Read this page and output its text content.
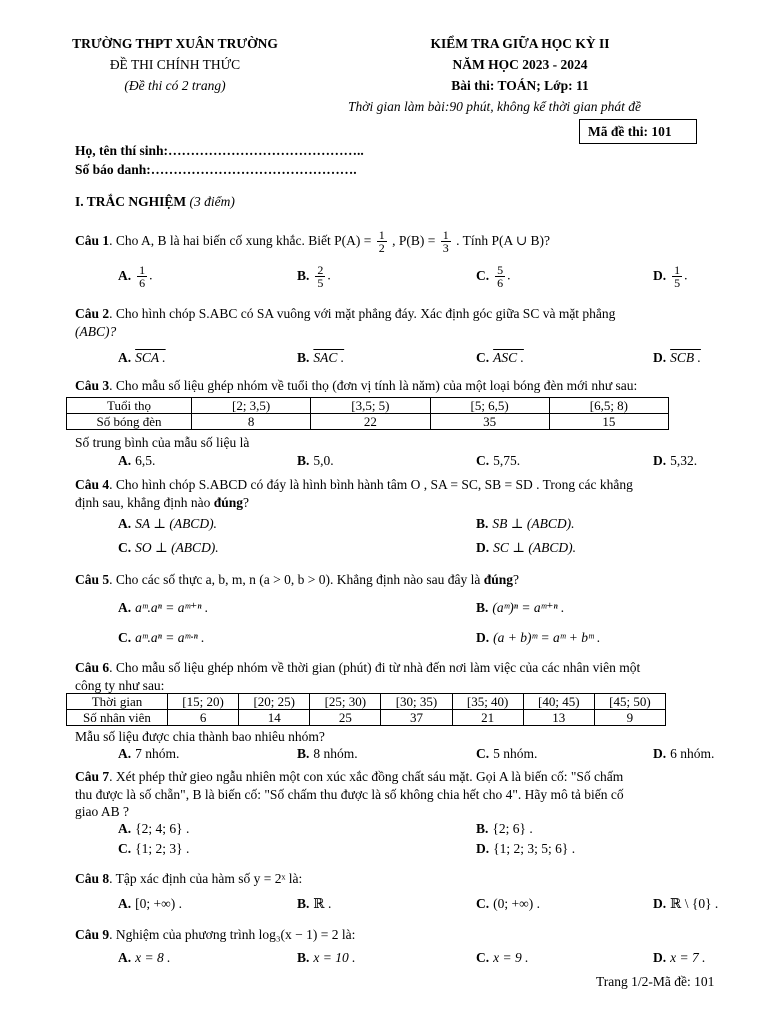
TRƯỜNG THPT XUÂN TRƯỜNG
ĐỀ THI CHÍNH THỨC
(Đề thi có 2 trang)
KIỂM TRA GIỮA HỌC KỲ II
NĂM HỌC 2023 - 2024
Bài thi: TOÁN; Lớp: 11
Thời gian làm bài:90 phút, không kể thời gian phát đề
Mã đề thi: 101
Họ, tên thí sinh:……………………………………..
Số báo danh:……………………………………….
I. TRẮC NGHIỆM (3 điểm)
Câu 1. Cho A, B là hai biến cố xung khắc. Biết $P(A) = \frac{1}{2}$ , $P(B) = \frac{1}{3}$ . Tính P(A ∪ B)?
A. $\frac{1}{6}$ .	B. $\frac{2}{5}$ .	C. $\frac{5}{6}$ .	D. $\frac{1}{5}$ .
Câu 2. Cho hình chóp S.ABC có SA vuông với mặt phẳng đáy. Xác định góc giữa SC và mặt phẳng
(ABC)?
A. SCA .	B. SAC .	C. ASC .	D. SCB .
Câu 3. Cho mẫu số liệu ghép nhóm về tuổi thọ (đơn vị tính là năm) của một loại bóng đèn mới như sau:
Tuổi thọ	[2; 3,5)	[3,5; 5)	[5; 6,5)	[6,5; 8)
Số bóng đèn	8	22	35	15
Số trung bình của mẫu số liệu là
A. 6,5.	B. 5,0.	C. 5,75.	D. 5,32.
Câu 4. Cho hình chóp S.ABCD có đáy là hình bình hành tâm O , SA = SC, SB = SD . Trong các khẳng
định sau, khẳng định nào đúng?
A. SA ⊥ (ABCD).	B. SB ⊥ (ABCD).
C. SO ⊥ (ABCD).	D. SC ⊥ (ABCD).
Câu 5. Cho các số thực a, b, m, n (a > 0, b > 0). Khẳng định nào sau đây là đúng?
A. aᵐ.aⁿ = aᵐ⁺ⁿ .	B. (aᵐ)ⁿ = aᵐ⁺ⁿ .
C. aᵐ.aⁿ = aᵐ·ⁿ .	D. (a + b)ᵐ = aᵐ + bᵐ .
Câu 6. Cho mẫu số liệu ghép nhóm về thời gian (phút) đi từ nhà đến nơi làm việc của các nhân viên một
công ty như sau:
Thời gian	[15; 20)	[20; 25)	[25; 30)	[30; 35)	[35; 40)	[40; 45)	[45; 50)
Số nhân viên	6	14	25	37	21	13	9
Mẫu số liệu được chia thành bao nhiêu nhóm?
A. 7 nhóm.	B. 8 nhóm.	C. 5 nhóm.	D. 6 nhóm.
Câu 7. Xét phép thử gieo ngẫu nhiên một con xúc xắc đồng chất sáu mặt. Gọi A là biến cố: "Số chấm
thu được là số chẵn", B là biến cố: "Số chấm thu được là số không chia hết cho 4". Hãy mô tả biến cố
giao AB ?
A. {2; 4; 6} .	B. {2; 6} .
C. {1; 2; 3} .	D. {1; 2; 3; 5; 6} .
Câu 8. Tập xác định của hàm số y = 2ˣ là:
A. [0; +∞) .	B. ℝ .	C. (0; +∞) .	D. ℝ \ {0} .
Câu 9. Nghiệm của phương trình log₃(x − 1) = 2 là:
A. x = 8 .	B. x = 10 .	C. x = 9 .	D. x = 7 .
Trang 1/2-Mã đề: 101
